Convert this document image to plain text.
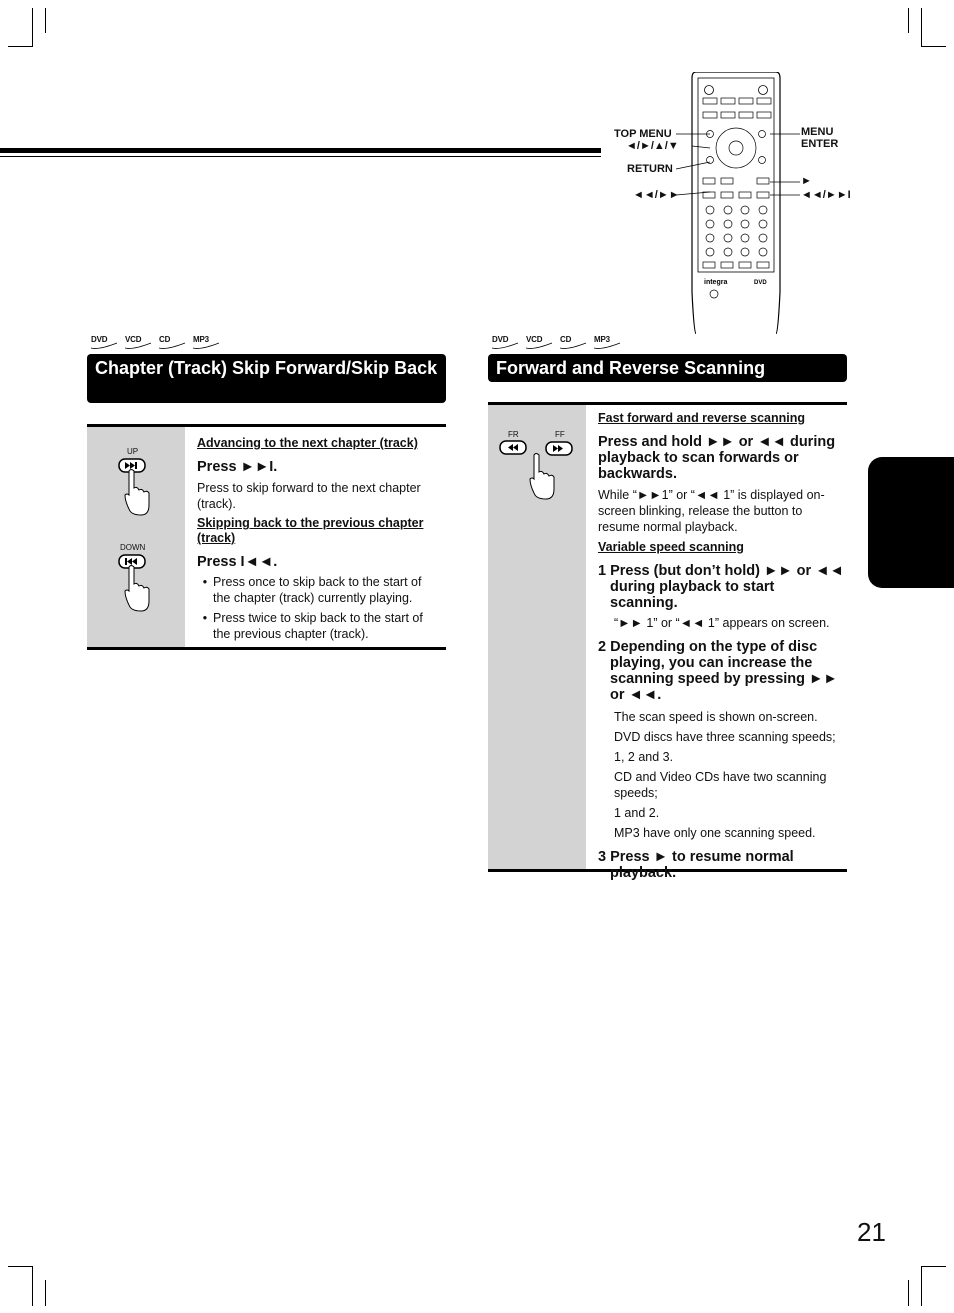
integra	DVD
TOP MENU
◄/►/▲/▼
RETURN
◄◄/►►
MENU
ENTER
►
◄◄/►►I
DVD VCD CD	MP3
Chapter (Track) Skip Forward/Skip Back
UP
DOWN
Advancing to the next chapter (track)
Press ►►I.
Press to skip forward to the next chapter (track).
Skipping back to the previous chapter (track)
Press I◄◄.
• Press once to skip back to the start of the chapter (track) currently playing.
• Press twice to skip back to the start of the previous chapter (track).
DVD VCD CD	MP3
Forward and Reverse Scanning
FR	FF
Fast forward and reverse scanning
Press and hold ►► or ◄◄ during playback to scan forwards or backwards.
While “►►1” or “◄◄ 1” is displayed on-screen blinking, release the button to resume normal playback.
Variable speed scanning
1 Press (but don’t hold) ►► or ◄◄ during playback to start scanning.
“►► 1” or “◄◄ 1” appears on screen.
2 Depending on the type of disc playing, you can increase the scanning speed by pressing ►► or ◄◄.
The scan speed is shown on-screen.
DVD discs have three scanning speeds;
1, 2 and 3.
CD and Video CDs have two scanning speeds;
1 and 2.
MP3 have only one scanning speed.
3 Press ► to resume normal playback.
21
